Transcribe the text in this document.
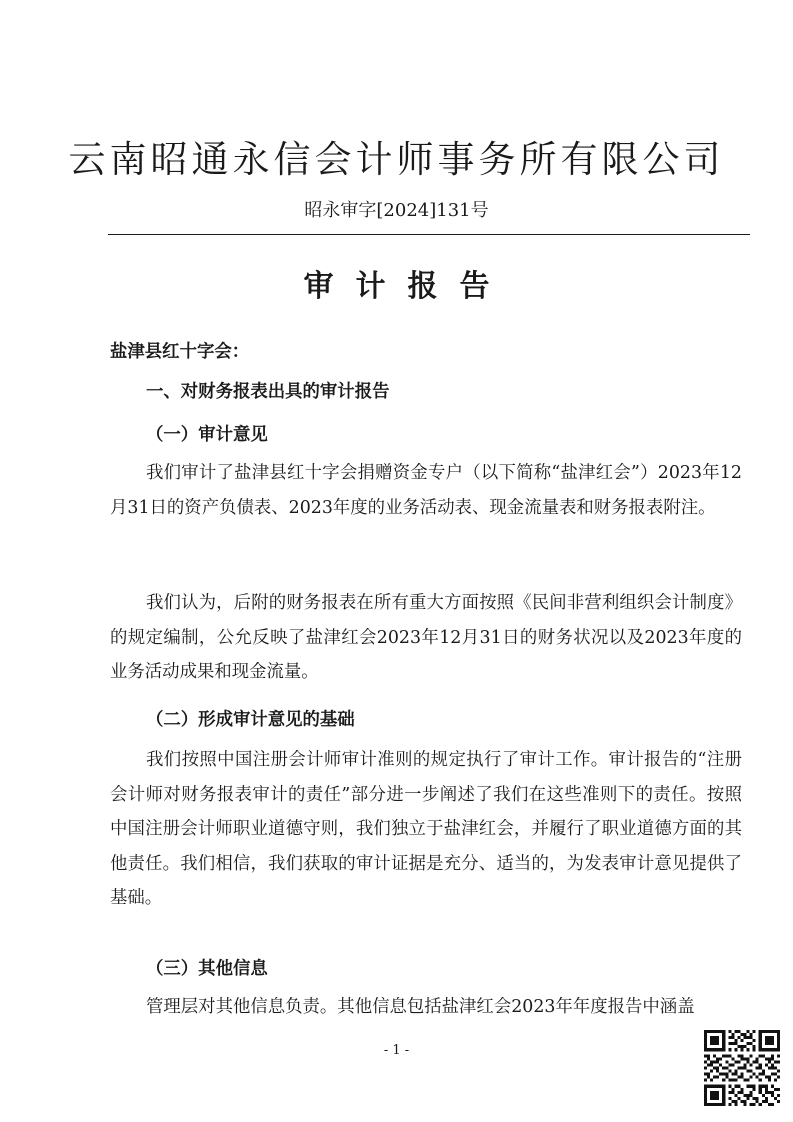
云南昭通永信会计师事务所有限公司
昭永审字[2024]131号
审计报告
盐津县红十字会：
一、对财务报表出具的审计报告
（一）审计意见
我们审计了盐津县红十字会捐赠资金专户（以下简称“盐津红会”）2023年12月31日的资产负债表、2023年度的业务活动表、现金流量表和财务报表附注。
我们认为，后附的财务报表在所有重大方面按照《民间非营利组织会计制度》的规定编制，公允反映了盐津红会2023年12月31日的财务状况以及2023年度的业务活动成果和现金流量。
（二）形成审计意见的基础
我们按照中国注册会计师审计准则的规定执行了审计工作。审计报告的“注册会计师对财务报表审计的责任”部分进一步阐述了我们在这些准则下的责任。按照中国注册会计师职业道德守则，我们独立于盐津红会，并履行了职业道德方面的其他责任。我们相信，我们获取的审计证据是充分、适当的，为发表审计意见提供了基础。
（三）其他信息
管理层对其他信息负责。其他信息包括盐津红会2023年年度报告中涵盖
- 1 -
